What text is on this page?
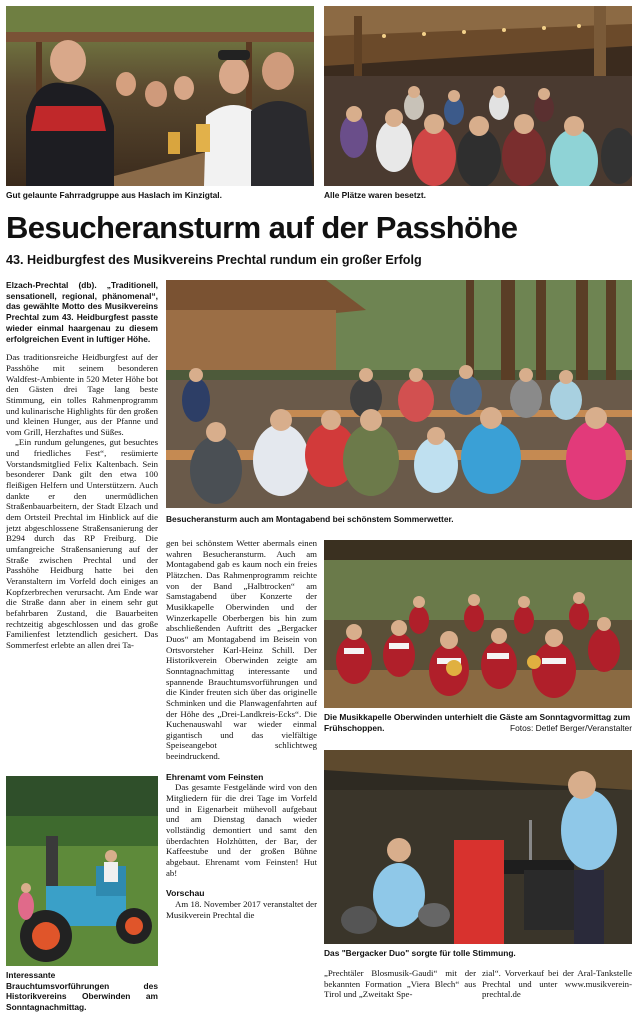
Gut gelaunte Fahrradgruppe aus Haslach im Kinzigtal.	Alle Plätze waren besetzt.
Besucheransturm auf der Passhöhe
43. Heidburgfest des Musikvereins Prechtal rundum ein großer Erfolg
Besucheransturm auch am Montagabend bei schönstem Sommerwetter.

Elzach-Prechtal (db). „Traditionell, sensationell, regional, phänomenal“, das gewählte Motto des Musikvereins Prechtal zum 43. Heidburgfest passte wieder einmal haargenau zu diesem erfolgreichen Event in luftiger Höhe.

Das traditionsreiche Heidburgfest auf der Passhöhe mit seinem besonderen Waldfest-Ambiente in 520 Meter Höhe bot den Gästen drei Tage lang beste Stimmung, ein tolles Rahmenprogramm und kulinarische Highlights für den großen und kleinen Hunger, aus der Pfanne und vom Grill, Herzhaftes und Süßes.

„Ein rundum gelungenes, gut besuchtes und friedliches Fest“, resümierte Vorstandsmitglied Felix Kaltenbach. Sein besonderer Dank gilt den etwa 100 fleißigen Helfern und Unterstützern. Auch dankte er den unermüdlichen Straßenbauarbeitern, der Stadt Elzach und dem Ortsteil Prechtal im Hinblick auf die jetzt abgeschlossene Straßensanierung der B294 durch das RP Freiburg. Die umfangreiche Straßensanierung auf der Straße zwischen Prechtal und der Passhöhe Heidburg hatte bei den Veranstaltern im Vorfeld doch einiges an Kopfzerbrechen verursacht. Am Ende war die Straße dann aber in einem sehr gut befahrbaren Zustand, die Bauarbeiten rechtzeitig abgeschlossen und das große Familienfest letztendlich gesichert. Das Sommerfest erlebte an allen drei Ta-

Interessante Brauchtumsvorführungen des Historikvereins Oberwinden am Sonntagnachmittag.

gen bei schönstem Wetter abermals einen wahren Besucheransturm. Auch am Montagabend gab es kaum noch ein freies Plätzchen. Das Rahmenprogramm reichte von der Band „Halbtrocken“ am Samstagabend über Konzerte der Musikkapelle Oberwinden und der Winzerkapelle Oberbergen bis hin zum abschließenden Auftritt des „Bergacker Duos“ am Montagabend im Beisein von Ortsvorsteher Karl-Heinz Schill. Der Historikverein Oberwinden zeigte am Sonntagnachmittag interessante und spannende Brauchtumsvorführungen und die Kinder freuten sich über das originelle Schminken und die Planwagenfahrten auf der Höhe des „Drei-Landkreis-Ecks“. Die Kuchenauswahl war wieder einmal gigantisch und das vielfältige Speiseangebot schlichtweg beeindruckend.

Ehrenamt vom Feinsten

Das gesamte Festgelände wird von den Mitgliedern für die drei Tage im Vorfeld und in Eigenarbeit mühevoll aufgebaut und am Dienstag danach wieder vollständig demontiert und samt den überdachten Holzhütten, der Bar, der Kaffeestube und der großen Bühne abgebaut. Ehrenamt vom Feinsten! Hut ab!

Vorschau

Am 18. November 2017 veranstaltet der Musikverein Prechtal die

Die Musikkapelle Oberwinden unterhielt die Gäste am Sonntagvormittag zum Frühschoppen.	Fotos: Detlef Berger/Veranstalter
Das "Bergacker Duo" sorgte für tolle Stimmung.

„Prechtäler Blosmusik-Gaudi“ mit der bekannten Formation „Viera Blech“ aus Tirol und „Zweitakt Spe-

zial“. Vorverkauf bei der Aral-Tankstelle Prechtal und unter www.musikverein-prechtal.de
